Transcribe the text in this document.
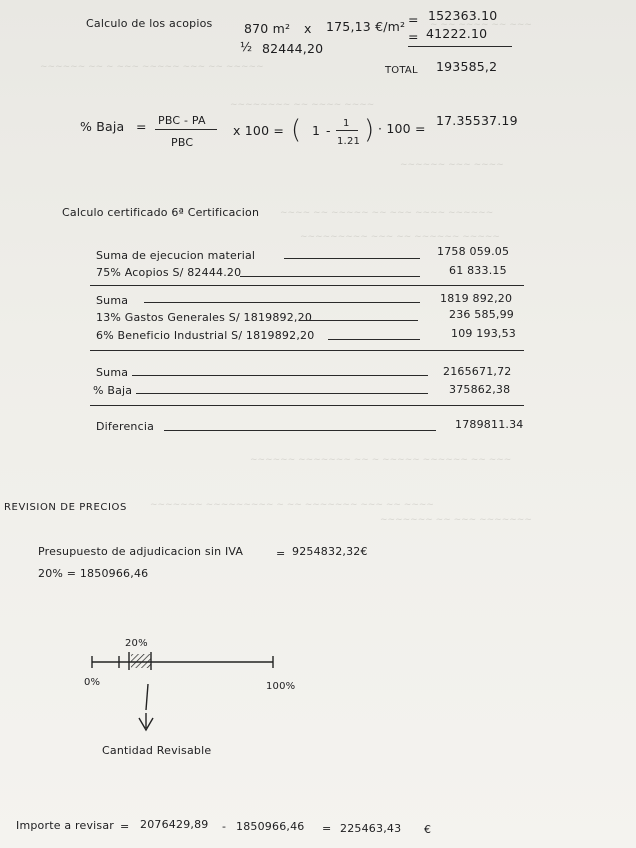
~ ~~ ~~~~ ~~ ~~~
~~~~~~ ~~ ~ ~~~ ~~~~~ ~~~ ~~ ~~~~~
~~~~~~~~ ~~ ~~~~ ~~~~
~~~~~~ ~~~ ~~~~
~~~~ ~~ ~~~~~ ~~ ~~~ ~~~~ ~~~~~~
~~~~~~~~~ ~~~ ~~ ~~~~~~ ~~~~~
~~~~~~ ~~~~~~~ ~~ ~ ~~~~~ ~~~~~~ ~~ ~~~
~~~~~~~ ~~~~~~~~~ ~ ~~ ~~~~~~~ ~~~ ~~ ~~~~
~~~~~~~ ~~ ~~~ ~~~~~~~
Calculo de los acopios	870 m² x 175,13 €/m² = 152363.10
½ 82444,20
= 41222.10
TOTAL 193585,2
% Baja = PBC - PA
PBC
x 100 = ( 1 - 1
1.21 ) · 100 =
17.35537.19
Calculo certificado 6ª Certificacion
Suma de ejecucion material	1758 059.05
75% Acopios S/ 82444.20	61 833.15
Suma	1819 892,20
13% Gastos Generales S/ 1819892,20	236 585,99
6% Beneficio Industrial S/ 1819892,20	109 193,53
Suma	2165671,72
% Baja	375862,38
Diferencia	1789811.34
REVISION DE PRECIOS
Presupuesto de adjudicacion sin IVA	= 9254832,32€
20% = 1850966,46
20%
0%	100%
Cantidad Revisable
Importe a revisar = 2076429,89 - 1850966,46 = 225463,43 €
